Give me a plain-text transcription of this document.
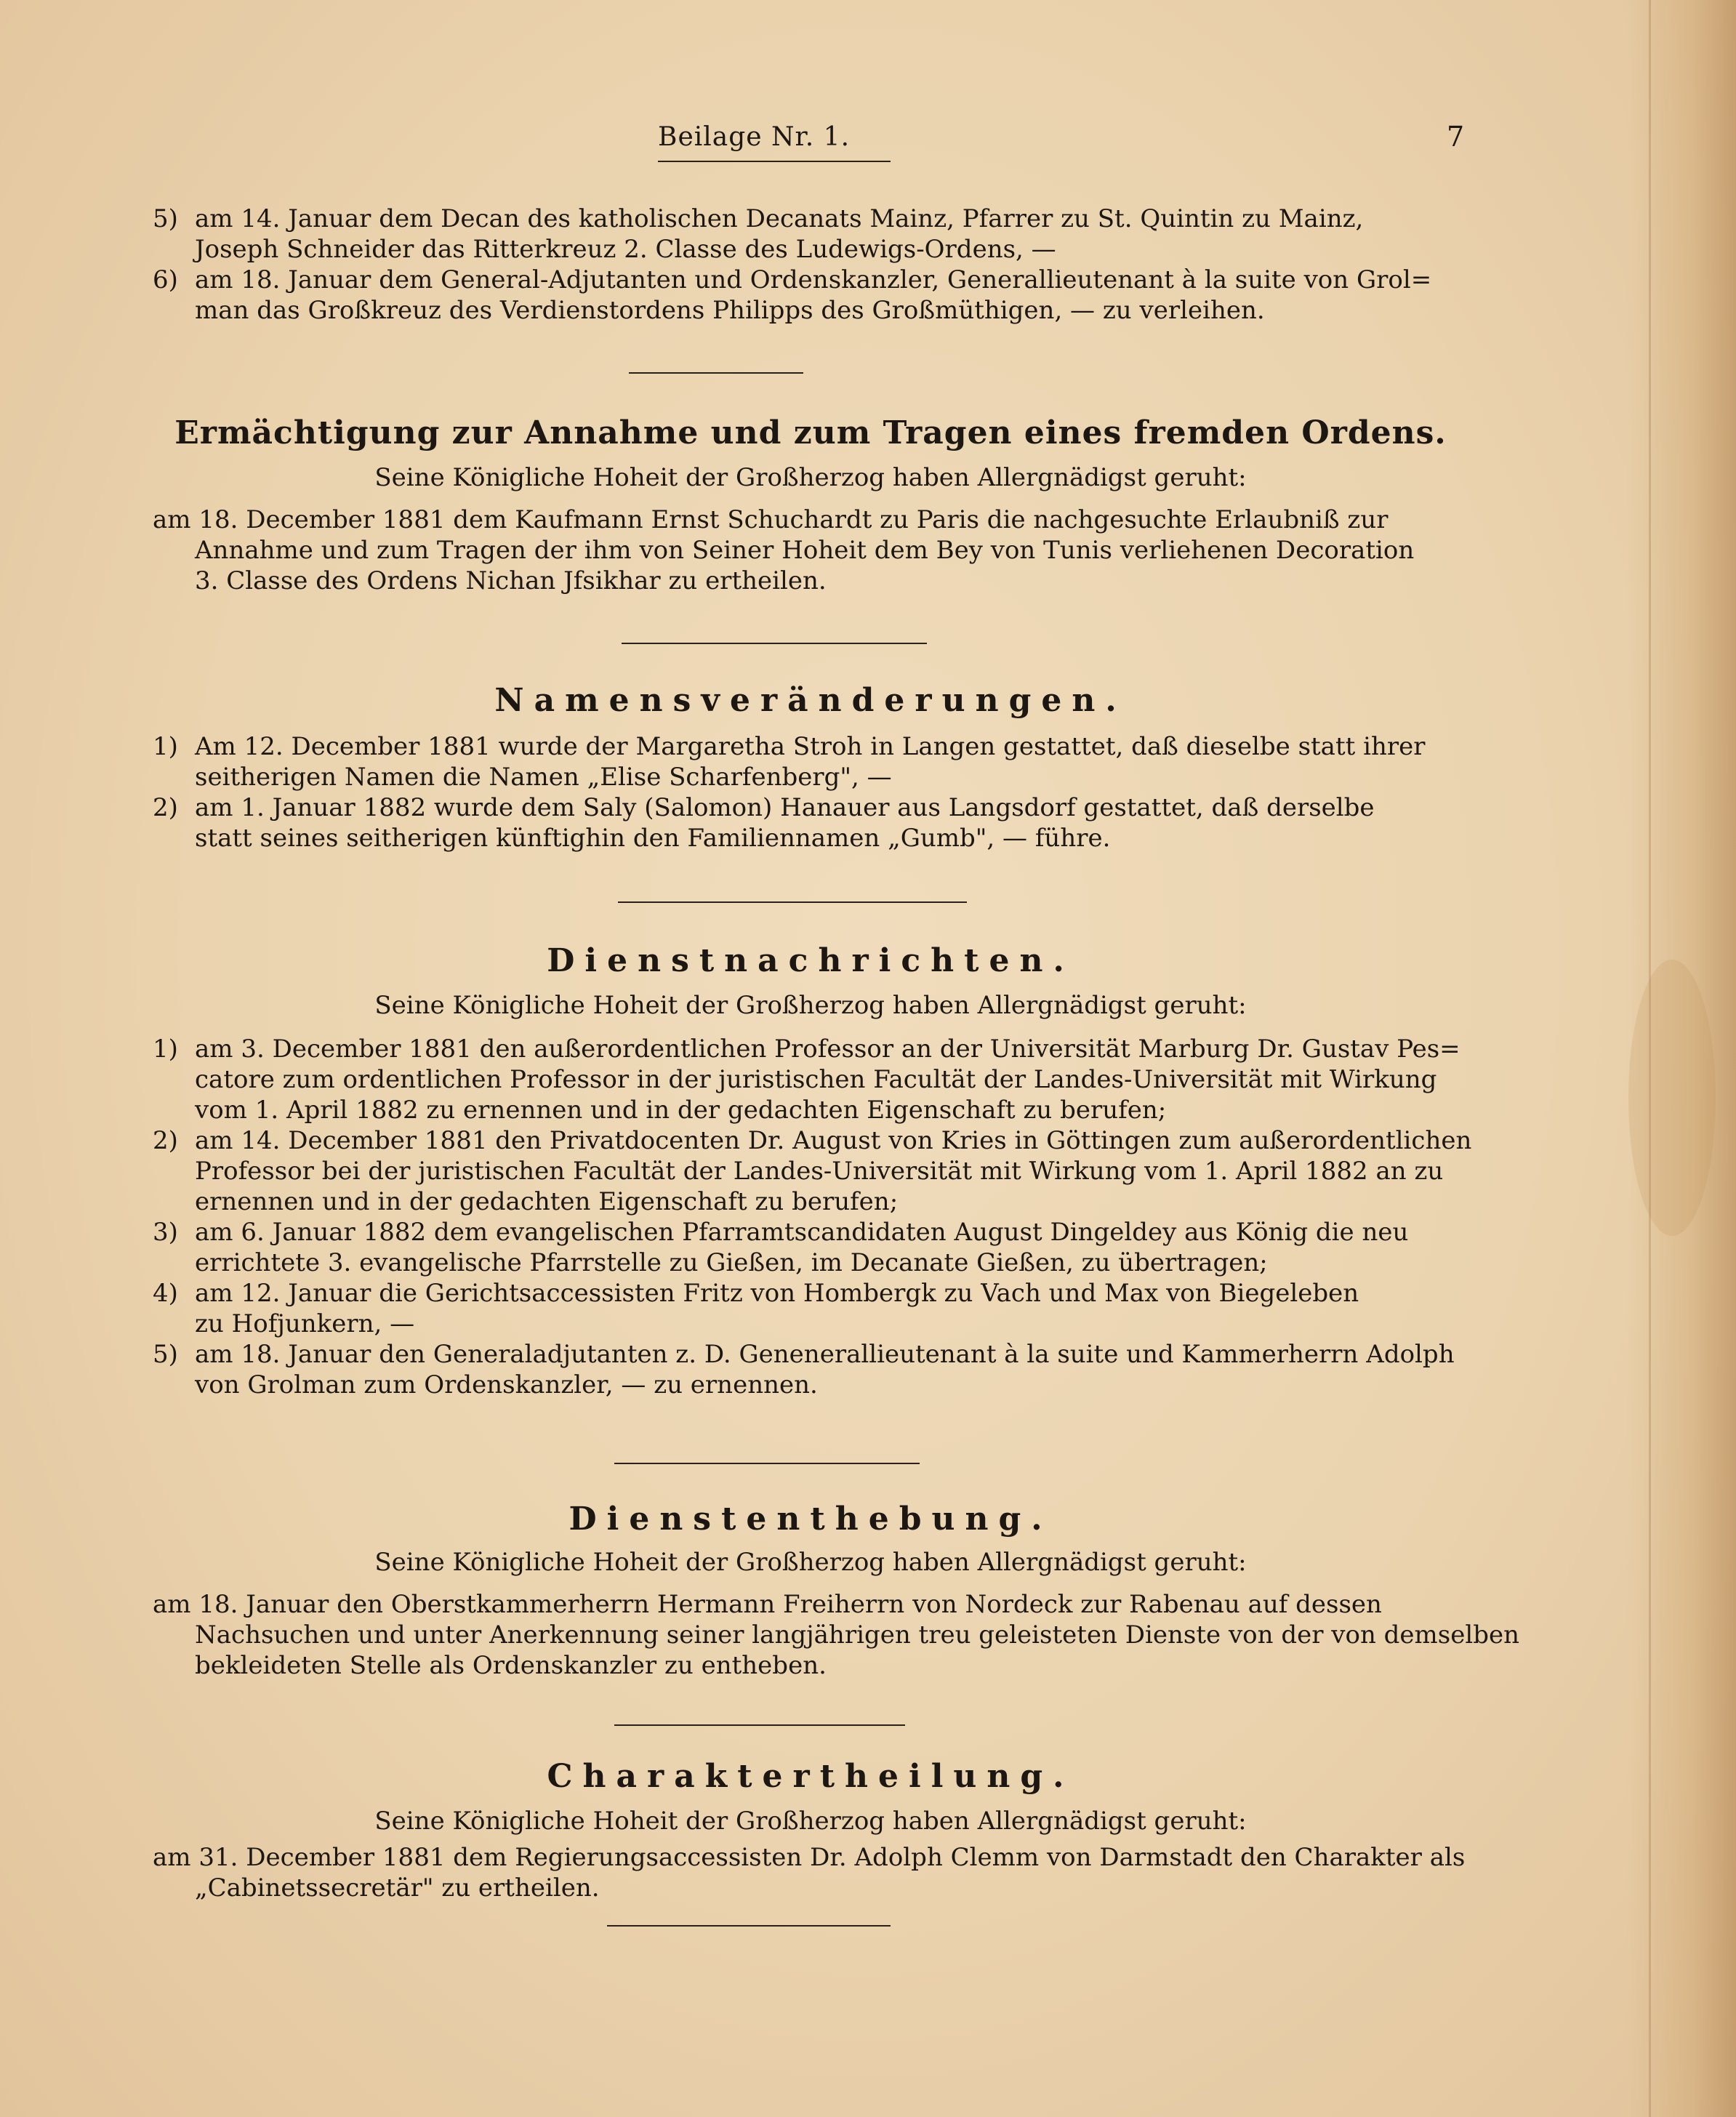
Beilage Nr. 1.	7
5) am 14. Januar dem Decan des katholischen Decanats Mainz, Pfarrer zu St. Quintin zu Mainz,
Joseph Schneider das Ritterkreuz 2. Classe des Ludewigs-Ordens, —
6) am 18. Januar dem General-Adjutanten und Ordenskanzler, Generallieutenant à la suite von Grol=
man das Großkreuz des Verdienstordens Philipps des Großmüthigen, — zu verleihen.
Ermächtigung zur Annahme und zum Tragen eines fremden Ordens.
Seine Königliche Hoheit der Großherzog haben Allergnädigst geruht:
am 18. December 1881 dem Kaufmann Ernst Schuchardt zu Paris die nachgesuchte Erlaubniß zur
Annahme und zum Tragen der ihm von Seiner Hoheit dem Bey von Tunis verliehenen Decoration
3. Classe des Ordens Nichan Jfsikhar zu ertheilen.
Namensveränderungen.
1) Am 12. December 1881 wurde der Margaretha Stroh in Langen gestattet, daß dieselbe statt ihrer
seitherigen Namen die Namen „Elise Scharfenberg", —
2) am 1. Januar 1882 wurde dem Saly (Salomon) Hanauer aus Langsdorf gestattet, daß derselbe
statt seines seitherigen künftighin den Familiennamen „Gumb", — führe.
Dienstnachrichten.
Seine Königliche Hoheit der Großherzog haben Allergnädigst geruht:
1) am 3. December 1881 den außerordentlichen Professor an der Universität Marburg Dr. Gustav Pes=
catore zum ordentlichen Professor in der juristischen Facultät der Landes-Universität mit Wirkung
vom 1. April 1882 zu ernennen und in der gedachten Eigenschaft zu berufen;
2) am 14. December 1881 den Privatdocenten Dr. August von Kries in Göttingen zum außerordentlichen
Professor bei der juristischen Facultät der Landes-Universität mit Wirkung vom 1. April 1882 an zu
ernennen und in der gedachten Eigenschaft zu berufen;
3) am 6. Januar 1882 dem evangelischen Pfarramtscandidaten August Dingeldey aus König die neu
errichtete 3. evangelische Pfarrstelle zu Gießen, im Decanate Gießen, zu übertragen;
4) am 12. Januar die Gerichtsaccessisten Fritz von Hombergk zu Vach und Max von Biegeleben
zu Hofjunkern, —
5) am 18. Januar den Generaladjutanten z. D. Genenerallieutenant à la suite und Kammerherrn Adolph
von Grolman zum Ordenskanzler, — zu ernennen.
Dienstenthebung.
Seine Königliche Hoheit der Großherzog haben Allergnädigst geruht:
am 18. Januar den Oberstkammerherrn Hermann Freiherrn von Nordeck zur Rabenau auf dessen
Nachsuchen und unter Anerkennung seiner langjährigen treu geleisteten Dienste von der von demselben
bekleideten Stelle als Ordenskanzler zu entheben.
Charaktertheilung.
Seine Königliche Hoheit der Großherzog haben Allergnädigst geruht:
am 31. December 1881 dem Regierungsaccessisten Dr. Adolph Clemm von Darmstadt den Charakter als
„Cabinetssecretär" zu ertheilen.
